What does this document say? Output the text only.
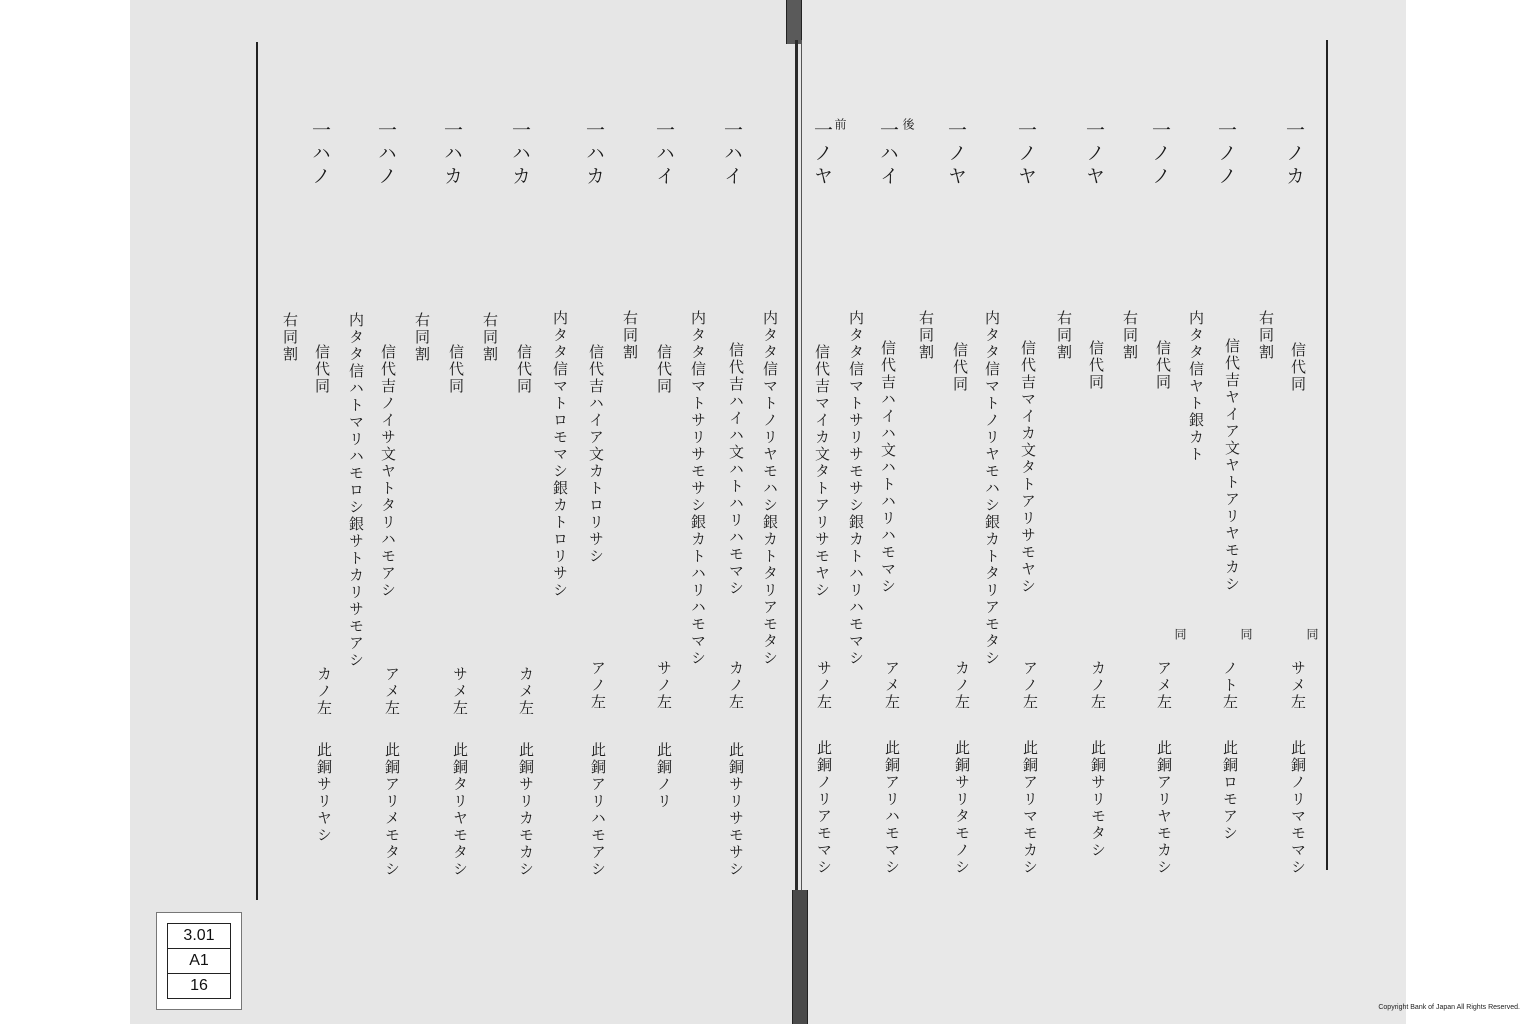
一ノカ
一ノノ
一ノノ
一ノヤ
一ノヤ
一ノヤ
一ハイ 後
一ノヤ 前
右同割
信代同
信代吉ヤイア文ヤトアリヤモカシ
内タタ信ヤト銀カト
信代同
右同割
信代同
右同割
信代吉マイカ文タトアリサモヤシ
内タタ信マトノリヤモハシ銀カトタリアモタシ
信代同
右同割
信代吉ハイハ文ハトハリハモマシ
内タタ信マトサリサモサシ銀カトハリハモマシ
信代吉マイカ文タトアリサモヤシ
同
同
同
サメ左
ノト左
アメ左
カノ左
アノ左
カノ左
アメ左
サノ左
此銅ノリマモマシ
此銅ロモアシ
此銅アリヤモカシ
此銅サリモタシ
此銅アリマモカシ
此銅サリタモノシ
此銅アリハモマシ
此銅ノリアモマシ
一ハイ
一ハイ
一ハカ
一ハカ
一ハカ
一ハノ
一ハノ
内タタ信マトノリヤモハシ銀カトタリアモタシ
信代吉ハイハ文ハトハリハモマシ
内タタ信マトサリサモサシ銀カトハリハモマシ
信代同
右同割
信代吉ハイア文カトロリサシ
内タタ信マトロモマシ銀カトロリサシ
信代同
右同割
信代同
右同割
信代吉ノイサ文ヤトタリハモアシ
内タタ信ハトマリハモロシ銀サトカリサモアシ
信代同
右同割
カノ左
サノ左
アノ左
カメ左
サメ左
アメ左
カノ左
此銅サリサモサシ
此銅ノリ
此銅アリハモアシ
此銅サリカモカシ
此銅タリヤモタシ
此銅アリメモタシ
此銅サリヤシ
3.01
A1
16
Copyright Bank of Japan All Rights Reserved.
